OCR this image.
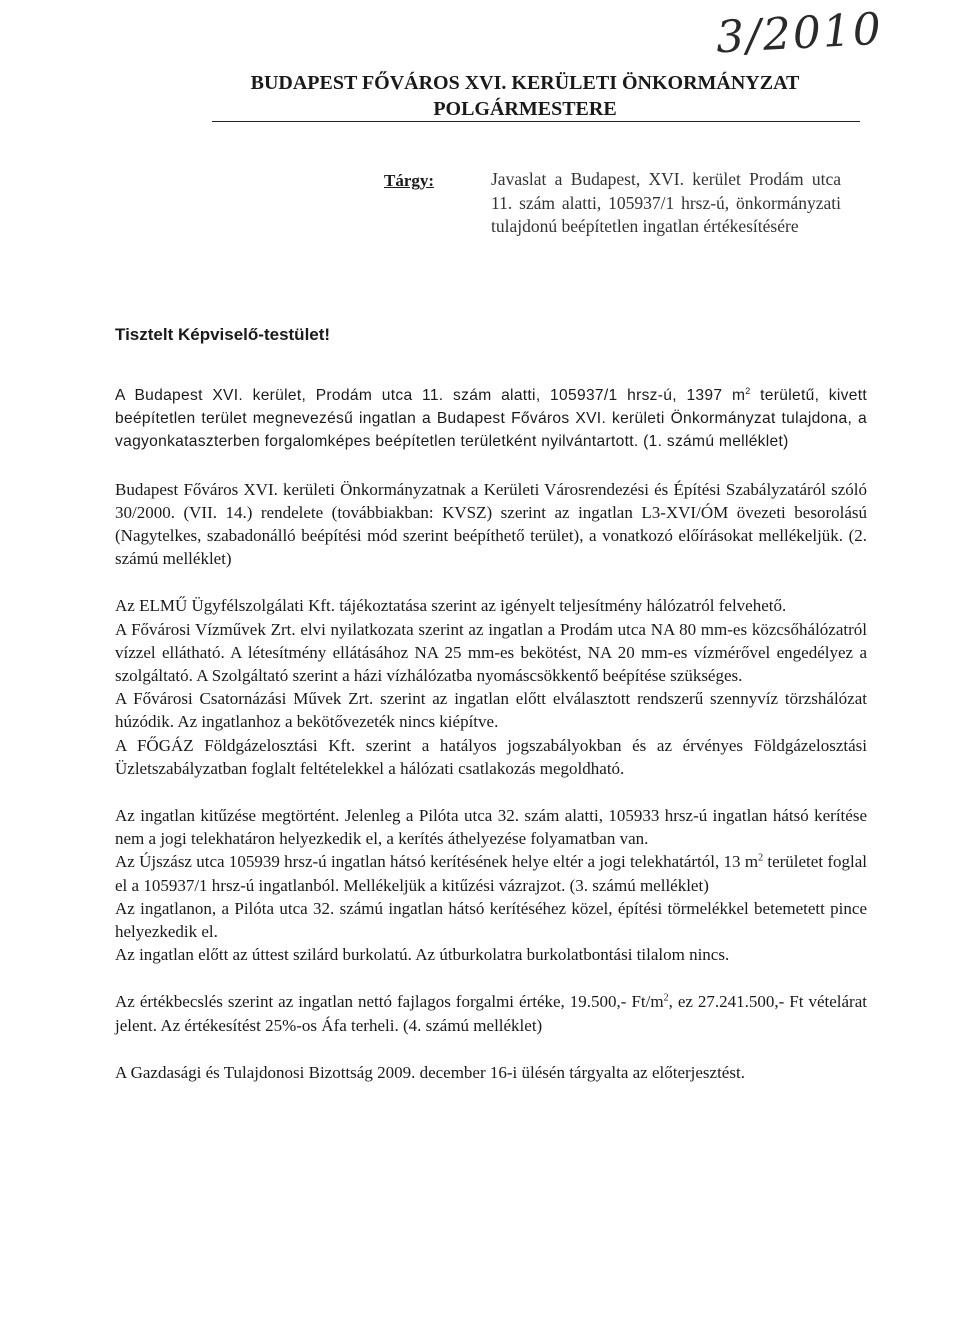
3/2010
BUDAPEST FŐVÁROS XVI. KERÜLETI ÖNKORMÁNYZAT
POLGÁRMESTERE
Tárgy:	Javaslat a Budapest, XVI. kerület Prodám utca 11. szám alatti, 105937/1 hrsz-ú, önkormányzati tulajdonú beépítetlen ingatlan értékesítésére
Tisztelt Képviselő-testület!

A Budapest XVI. kerület, Prodám utca 11. szám alatti, 105937/1 hrsz-ú, 1397 $m^2$ területű, kivett beépítetlen terület megnevezésű ingatlan a Budapest Főváros XVI. kerületi Önkormányzat tulajdona, a vagyonkataszterben forgalomképes beépítetlen területként nyilvántartott. (1. számú melléklet)

Budapest Főváros XVI. kerületi Önkormányzatnak a Kerületi Városrendezési és Építési Szabályzatáról szóló 30/2000. (VII. 14.) rendelete (továbbiakban: KVSZ) szerint az ingatlan L3-XVI/ÓM övezeti besorolású (Nagytelkes, szabadonálló beépítési mód szerint beépíthető terület), a vonatkozó előírásokat mellékeljük. (2. számú melléklet)

Az ELMŰ Ügyfélszolgálati Kft. tájékoztatása szerint az igényelt teljesítmény hálózatról felvehető.

A Fővárosi Vízművek Zrt. elvi nyilatkozata szerint az ingatlan a Prodám utca NA 80 mm-es közcsőhálózatról vízzel ellátható. A létesítmény ellátásához NA 25 mm-es bekötést, NA 20 mm-es vízmérővel engedélyez a szolgáltató. A Szolgáltató szerint a házi vízhálózatba nyomáscsökkentő beépítése szükséges.

A Fővárosi Csatornázási Művek Zrt. szerint az ingatlan előtt elválasztott rendszerű szennyvíz törzshálózat húzódik. Az ingatlanhoz a bekötővezeték nincs kiépítve.

A FŐGÁZ Földgázelosztási Kft. szerint a hatályos jogszabályokban és az érvényes Földgázelosztási Üzletszabályzatban foglalt feltételekkel a hálózati csatlakozás megoldható.

Az ingatlan kitűzése megtörtént. Jelenleg a Pilóta utca 32. szám alatti, 105933 hrsz-ú ingatlan hátsó kerítése nem a jogi telekhatáron helyezkedik el, a kerítés áthelyezése folyamatban van.

Az Újszász utca 105939 hrsz-ú ingatlan hátsó kerítésének helye eltér a jogi telekhatártól, 13 $m^2$ területet foglal el a 105937/1 hrsz-ú ingatlanból. Mellékeljük a kitűzési vázrajzot. (3. számú melléklet)

Az ingatlanon, a Pilóta utca 32. számú ingatlan hátsó kerítéséhez közel, építési törmelékkel betemetett pince helyezkedik el.

Az ingatlan előtt az úttest szilárd burkolatú. Az útburkolatra burkolatbontási tilalom nincs.

Az értékbecslés szerint az ingatlan nettó fajlagos forgalmi értéke, 19.500,- $Ft/m^2$, ez 27.241.500,- Ft vételárat jelent. Az értékesítést 25%-os Áfa terheli. (4. számú melléklet)

A Gazdasági és Tulajdonosi Bizottság 2009. december 16-i ülésén tárgyalta az előterjesztést.
